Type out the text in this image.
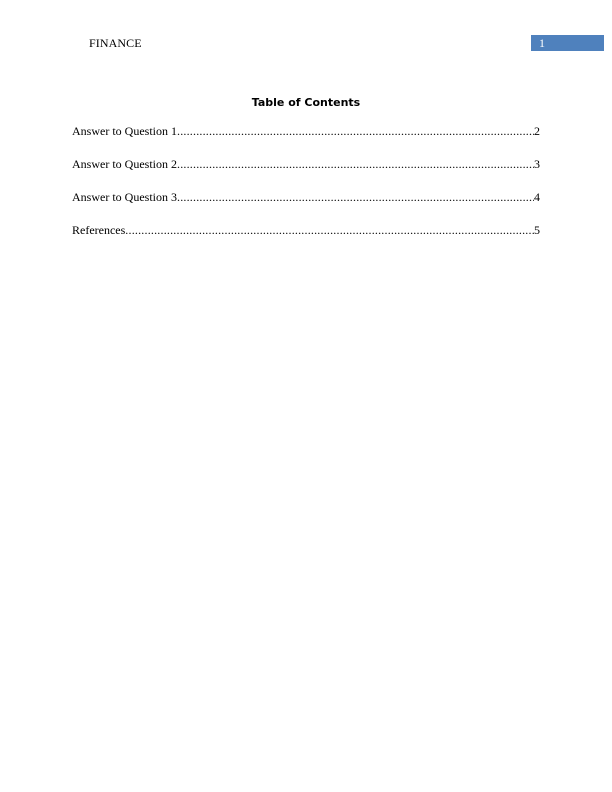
FINANCE	1
Table of Contents
Answer to Question 1 .....	2
Answer to Question 2 .....	3
Answer to Question 3 .....	4
References .....	5
